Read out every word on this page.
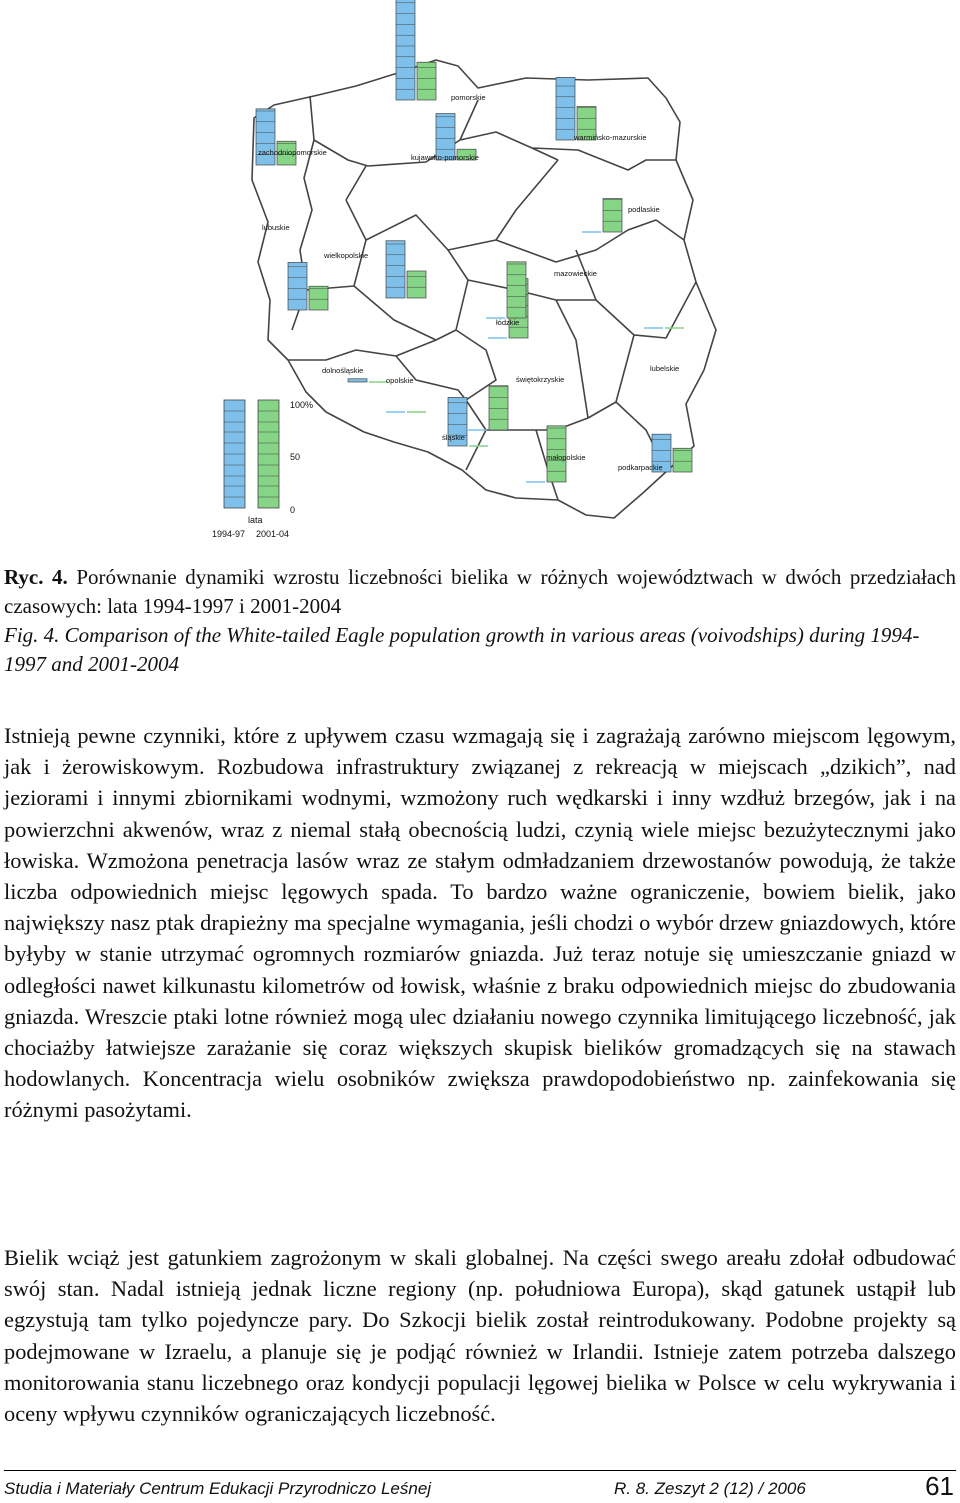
zachodniopomorskie
pomorskie
warmińsko-mazurskie
kujawsko-pomorskie
podlaskie
lubuskie
wielkopolskie
mazowieckie
łódzkie
dolnośląskie
opolskie	świętokrzyskie
lubelskie
śląskie
małopolskie
podkarpackie
100%
50
0
lata
1994-97 2001-04
Ryc. 4. Porównanie dynamiki wzrostu liczebności bielika w różnych województwach w dwóch przedziałach czasowych: lata 1994-1997 i 2001-2004
Fig. 4. Comparison of the White-tailed Eagle population growth in various areas (voivodships) during 1994-1997 and 2001-2004
Istnieją pewne czynniki, które z upływem czasu wzmagają się i zagrażają zarówno miejscom lęgowym, jak i żerowiskowym. Rozbudowa infrastruktury związanej z rekreacją w miejscach „dzikich”, nad jeziorami i innymi zbiornikami wodnymi, wzmożony ruch wędkarski i inny wzdłuż brzegów, jak i na powierzchni akwenów, wraz z niemal stałą obecnością ludzi, czynią wiele miejsc bezużytecznymi jako łowiska. Wzmożona penetracja lasów wraz ze stałym odmładzaniem drzewostanów powodują, że także liczba odpowiednich miejsc lęgowych spada. To bardzo ważne ograniczenie, bowiem bielik, jako największy nasz ptak drapieżny ma specjalne wymagania, jeśli chodzi o wybór drzew gniazdowych, które byłyby w stanie utrzymać ogromnych rozmiarów gniazda. Już teraz notuje się umieszczanie gniazd w odległości nawet kilkunastu kilometrów od łowisk, właśnie z braku odpowiednich miejsc do zbudowania gniazda. Wreszcie ptaki lotne również mogą ulec działaniu nowego czynnika limitującego liczebność, jak chociażby łatwiejsze zarażanie się coraz większych skupisk bielików gromadzących się na stawach hodowlanych. Koncentracja wielu osobników zwiększa prawdopodobieństwo np. zainfekowania się różnymi pasożytami.
Bielik wciąż jest gatunkiem zagrożonym w skali globalnej. Na części swego areału zdołał odbudować swój stan. Nadal istnieją jednak liczne regiony (np. południowa Europa), skąd gatunek ustąpił lub egzystują tam tylko pojedyncze pary. Do Szkocji bielik został reintrodukowany. Podobne projekty są podejmowane w Izraelu, a planuje się je podjąć również w Irlandii. Istnieje zatem potrzeba dalszego monitorowania stanu liczebnego oraz kondycji populacji lęgowej bielika w Polsce w celu wykrywania i oceny wpływu czynników ograniczających liczebność.
Studia i Materiały Centrum Edukacji Przyrodniczo Leśnej	R. 8. Zeszyt 2 (12) / 2006	61
